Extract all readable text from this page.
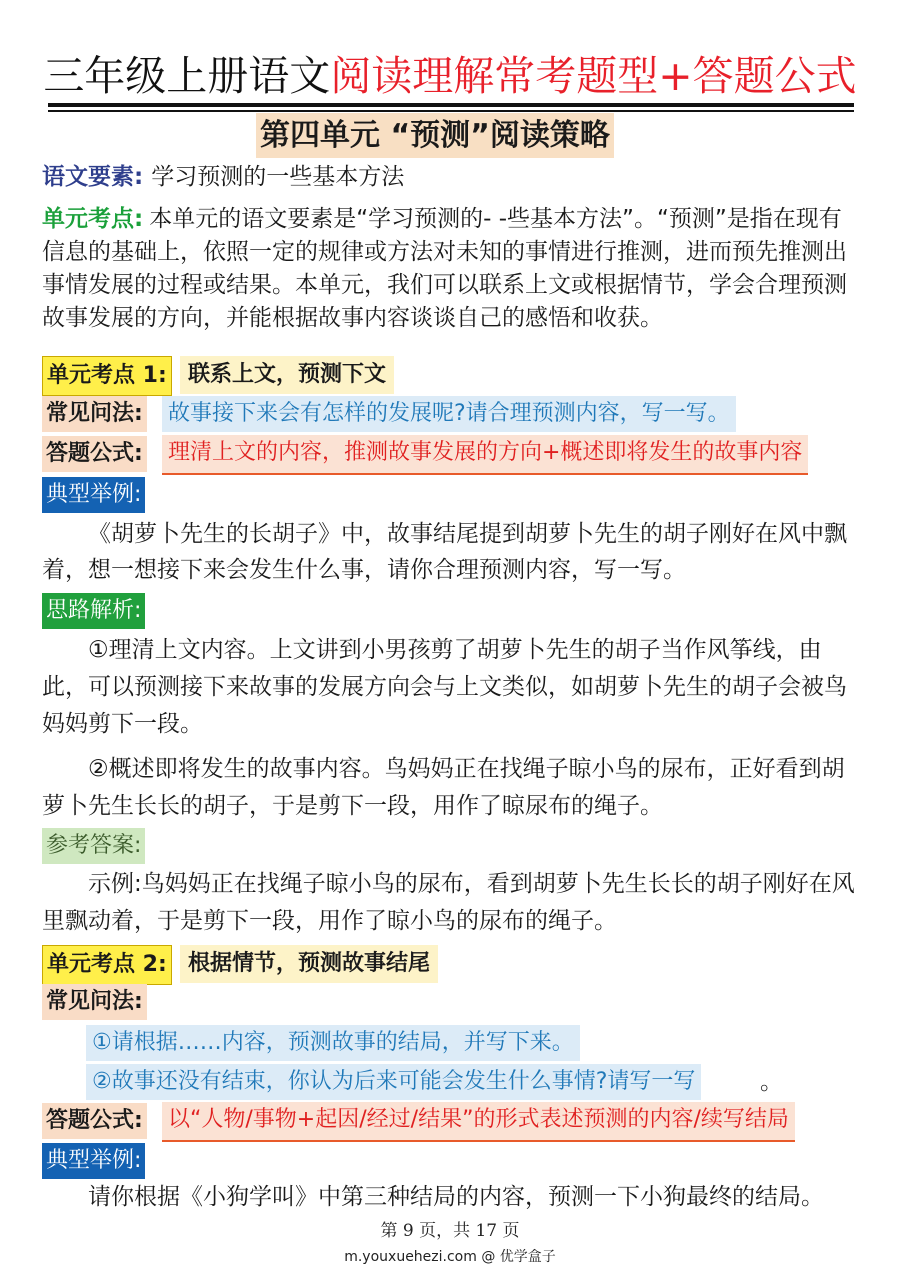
三年级上册语文阅读理解常考题型+答题公式
第四单元 “预测”阅读策略
语文要素: 学习预测的一些基本方法
单元考点: 本单元的语文要素是“学习预测的- -些基本方法”。“预测”是指在现有信息的基础上，依照一定的规律或方法对未知的事情进行推测，进而预先推测出事情发展的过程或结果。本单元，我们可以联系上文或根据情节，学会合理预测故事发展的方向，并能根据故事内容谈谈自己的感悟和收获。
单元考点 1: 联系上文，预测下文
常见问法: 故事接下来会有怎样的发展呢?请合理预测内容，写一写。
答题公式: 理清上文的内容，推测故事发展的方向+概述即将发生的故事内容
典型举例:
《胡萝卜先生的长胡子》中，故事结尾提到胡萝卜先生的胡子刚好在风中飘着，想一想接下来会发生什么事，请你合理预测内容，写一写。
思路解析:
①理清上文内容。上文讲到小男孩剪了胡萝卜先生的胡子当作风筝线，由此，可以预测接下来故事的发展方向会与上文类似，如胡萝卜先生的胡子会被鸟妈妈剪下一段。
②概述即将发生的故事内容。鸟妈妈正在找绳子晾小鸟的尿布，正好看到胡萝卜先生长长的胡子，于是剪下一段，用作了晾尿布的绳子。
参考答案:
示例:鸟妈妈正在找绳子晾小鸟的尿布，看到胡萝卜先生长长的胡子刚好在风里飘动着，于是剪下一段，用作了晾小鸟的尿布的绳子。
单元考点 2: 根据情节，预测故事结尾
常见问法:
①请根据……内容，预测故事的结局，并写下来。
②故事还没有结束，你认为后来可能会发生什么事情?请写一写	。
答题公式: 以“人物/事物+起因/经过/结果”的形式表述预测的内容/续写结局
典型举例:
请你根据《小狗学叫》中第三种结局的内容，预测一下小狗最终的结局。
第 9 页，共 17 页
m.youxuehezi.com @ 优学盒子
